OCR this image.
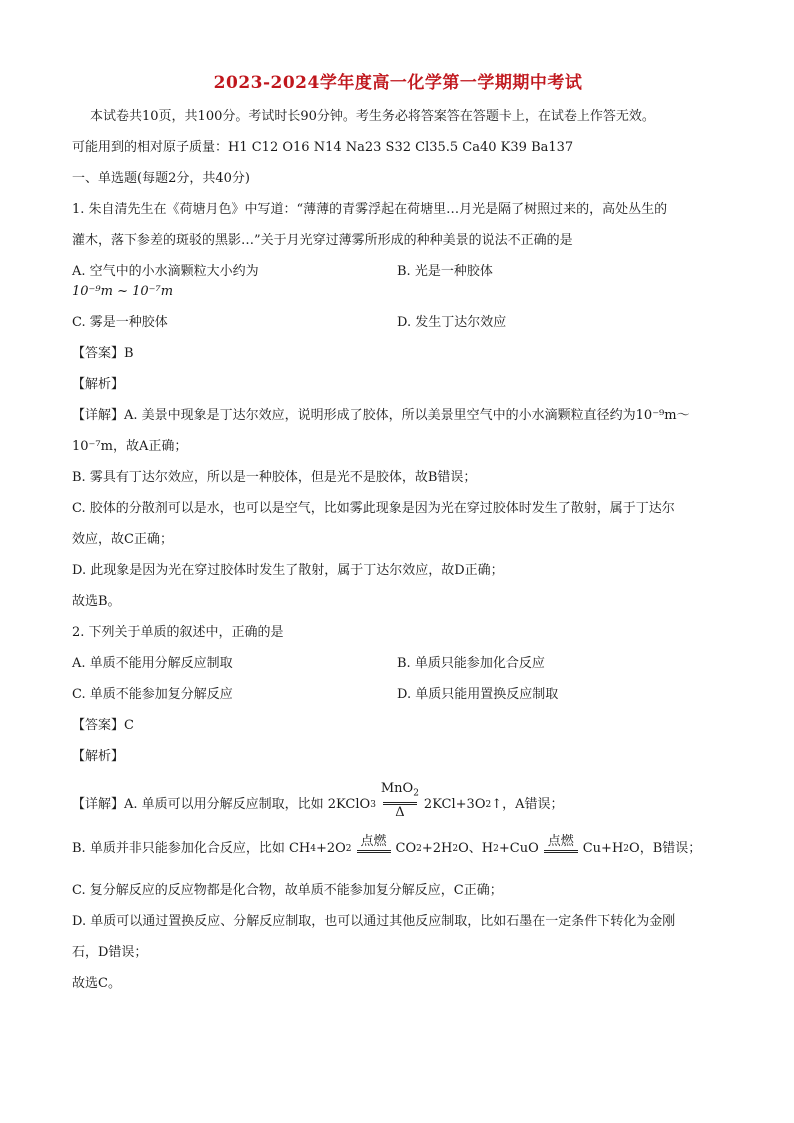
2023-2024学年度高一化学第一学期期中考试

本试卷共10页，共100分。考试时长90分钟。考生务必将答案答在答题卡上，在试卷上作答无效。

可能用到的相对原子质量：H1 C12 O16 N14 Na23 S32 Cl35.5 Ca40 K39 Ba137

一、单选题(每题2分，共40分)

1. 朱自清先生在《荷塘月色》中写道：“薄薄的青雾浮起在荷塘里…月光是隔了树照过来的，高处丛生的

灌木，落下参差的斑驳的黑影…”关于月光穿过薄雾所形成的种种美景的说法不正确的是

A. 空气中的小水滴颗粒大小约为
10⁻⁹m ~ 10⁻⁷m
B. 光是一种胶体
C. 雾是一种胶体	D. 发生丁达尔效应

【答案】B

【解析】

【详解】A. 美景中现象是丁达尔效应，说明形成了胶体，所以美景里空气中的小水滴颗粒直径约为10⁻⁹m～

10⁻⁷m，故A正确；

B. 雾具有丁达尔效应，所以是一种胶体，但是光不是胶体，故B错误；

C. 胶体的分散剂可以是水，也可以是空气，比如雾此现象是因为光在穿过胶体时发生了散射，属于丁达尔

效应，故C正确；

D. 此现象是因为光在穿过胶体时发生了散射，属于丁达尔效应，故D正确；

故选B。

2. 下列关于单质的叙述中，正确的是

A. 单质不能用分解反应制取	B. 单质只能参加化合反应
C. 单质不能参加复分解反应	D. 单质只能用置换反应制取

【答案】C

【解析】

【详解】A. 单质可以用分解反应制取，比如 2KClO 3
MnO$_2$
Δ
2KCl+3O 2 ↑，A错误；
B. 单质并非只能参加化合反应，比如 CH 4 +2O 2 点燃 CO 2 +2H 2 O、H 2 +CuO 点燃 Cu+H 2 O，B错误；

C. 复分解反应的反应物都是化合物，故单质不能参加复分解反应，C正确；

D. 单质可以通过置换反应、分解反应制取，也可以通过其他反应制取，比如石墨在一定条件下转化为金刚

石，D错误；

故选C。
